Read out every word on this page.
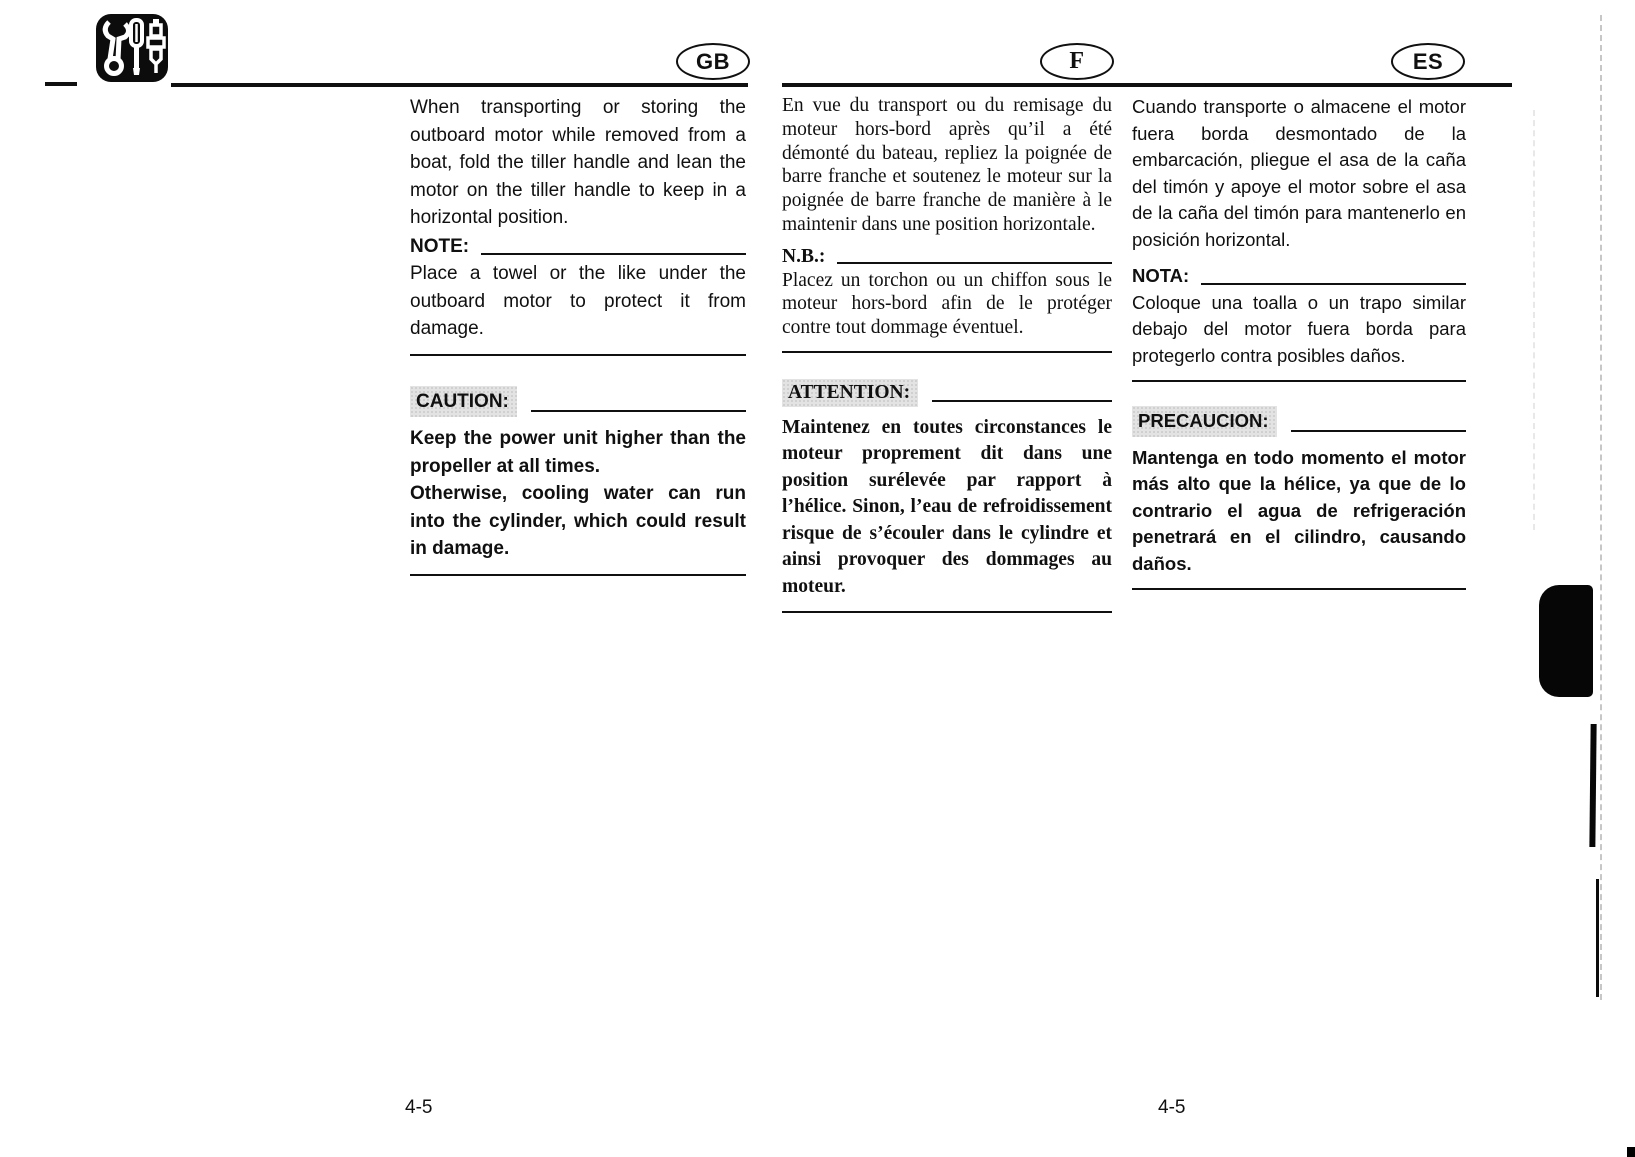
GB	F	ES

When transporting or storing the outboard motor while removed from a boat, fold the tiller handle and lean the motor on the tiller handle to keep in a horizontal position.

NOTE:

Place a towel or the like under the outboard motor to protect it from damage.

CAUTION:

Keep the power unit higher than the propeller at all times.

Otherwise, cooling water can run into the cylinder, which could result in damage.

En vue du transport ou du remisage du moteur hors-bord après qu’il a été démonté du bateau, repliez la poignée de barre franche et soutenez le moteur sur la poignée de barre franche de manière à le maintenir dans une position horizontale.

N.B.:

Placez un torchon ou un chiffon sous le moteur hors-bord afin de le protéger contre tout dommage éventuel.

ATTENTION:

Maintenez en toutes circonstances le moteur proprement dit dans une position surélevée par rapport à l’hélice. Sinon, l’eau de refroidissement risque de s’écouler dans le cylindre et ainsi provoquer des dommages au moteur.

Cuando transporte o almacene el motor fuera borda desmontado de la embarcación, pliegue el asa de la caña del timón y apoye el motor sobre el asa de la caña del timón para mantenerlo en posición horizontal.

NOTA:

Coloque una toalla o un trapo similar debajo del motor fuera borda para protegerlo contra posibles daños.

PRECAUCION:

Mantenga en todo momento el motor más alto que la hélice, ya que de lo contrario el agua de refrigeración penetrará en el cilindro, causando daños.

4-5	4-5
